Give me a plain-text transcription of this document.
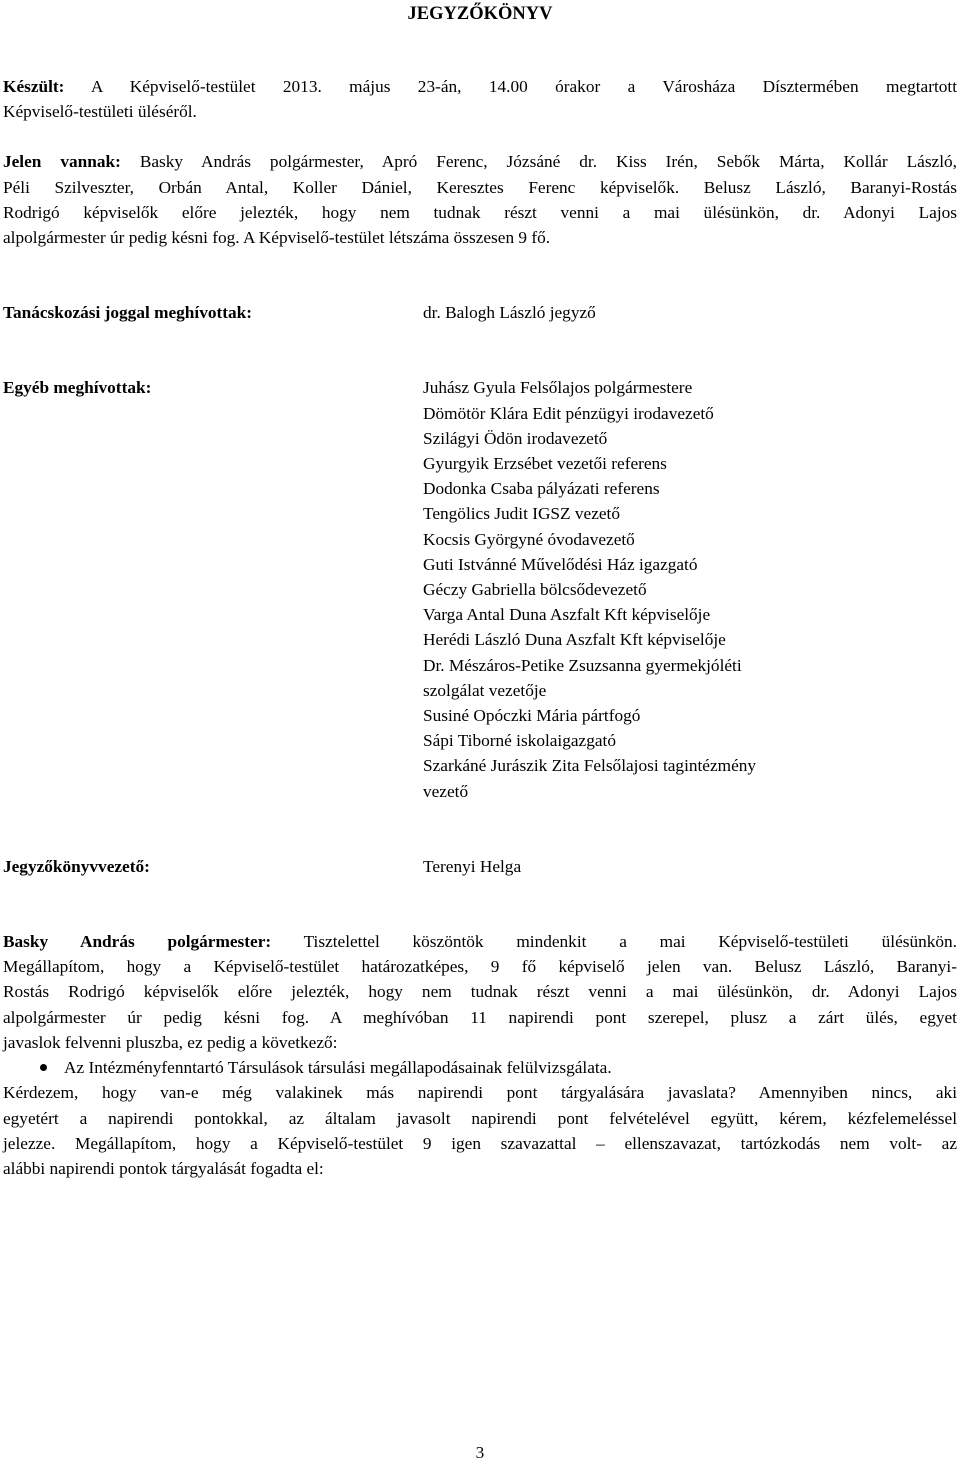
JEGYZŐKÖNYV

Készült: A Képviselő-testület 2013. május 23-án, 14.00 órakor a Városháza Dísztermében megtartott

Képviselő-testületi üléséről.

Jelen vannak: Basky András polgármester, Apró Ferenc, Józsáné dr. Kiss Irén, Sebők Márta, Kollár László,

Péli Szilveszter, Orbán Antal, Koller Dániel, Keresztes Ferenc képviselők. Belusz László, Baranyi-Rostás

Rodrigó képviselők előre jelezték, hogy nem tudnak részt venni a mai ülésünkön, dr. Adonyi Lajos

alpolgármester úr pedig késni fog. A Képviselő-testület létszáma összesen 9 fő.

Tanácskozási joggal meghívottak:	dr. Balogh László jegyző
Egyéb meghívottak:	Juhász Gyula Felsőlajos polgármestere
Dömötör Klára Edit pénzügyi irodavezető
Szilágyi Ödön irodavezető
Gyurgyik Erzsébet vezetői referens
Dodonka Csaba pályázati referens
Tengölics Judit IGSZ vezető
Kocsis Györgyné óvodavezető
Guti Istvánné Művelődési Ház igazgató
Géczy Gabriella bölcsődevezető
Varga Antal Duna Aszfalt Kft képviselője
Herédi László Duna Aszfalt Kft képviselője
Dr. Mészáros-Petike Zsuzsanna gyermekjóléti
szolgálat vezetője
Susiné Opóczki Mária pártfogó
Sápi Tiborné iskolaigazgató
Szarkáné Jurászik Zita Felsőlajosi tagintézmény
vezető
Jegyzőkönyvvezető:	Terenyi Helga

Basky András polgármester: Tisztelettel köszöntök mindenkit a mai Képviselő-testületi ülésünkön.

Megállapítom, hogy a Képviselő-testület határozatképes, 9 fő képviselő jelen van. Belusz László, Baranyi-

Rostás Rodrigó képviselők előre jelezték, hogy nem tudnak részt venni a mai ülésünkön, dr. Adonyi Lajos

alpolgármester úr pedig késni fog. A meghívóban 11 napirendi pont szerepel, plusz a zárt ülés, egyet

javaslok felvenni pluszba, ez pedig a következő:

Az Intézményfenntartó Társulások társulási megállapodásainak felülvizsgálata.

Kérdezem, hogy van-e még valakinek más napirendi pont tárgyalására javaslata? Amennyiben nincs, aki

egyetért a napirendi pontokkal, az általam javasolt napirendi pont felvételével együtt, kérem, kézfelemeléssel

jelezze. Megállapítom, hogy a Képviselő-testület 9 igen szavazattal – ellenszavazat, tartózkodás nem volt- az

alábbi napirendi pontok tárgyalását fogadta el:

3
